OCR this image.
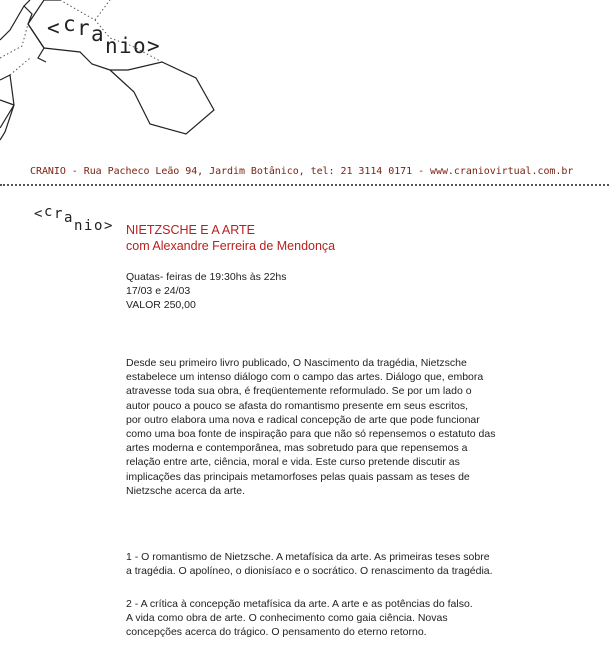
< c r a n i o >
CRANIO - Rua Pacheco Leão 94, Jardim Botânico, tel: 21 3114 0171 - www.craniovirtual.com.br
< c r a n i o > NIETZSCHE E A ARTE
com Alexandre Ferreira de Mendonça
Quatas- feiras de 19:30hs às 22hs
17/03 e 24/03
VALOR 250,00
Desde seu primeiro livro publicado, O Nascimento da tragédia, Nietzsche
estabelece um intenso diálogo com o campo das artes. Diálogo que, embora
atravesse toda sua obra, é freqüentemente reformulado. Se por um lado o
autor pouco a pouco se afasta do romantismo presente em seus escritos,
por outro elabora uma nova e radical concepção de arte que pode funcionar
como uma boa fonte de inspiração para que não só repensemos o estatuto das
artes moderna e contemporânea, mas sobretudo para que repensemos a
relação entre arte, ciência, moral e vida. Este curso pretende discutir as
implicações das principais metamorfoses pelas quais passam as teses de
Nietzsche acerca da arte.
1 - O romantismo de Nietzsche. A metafísica da arte. As primeiras teses sobre
a tragédia. O apolíneo, o dionisíaco e o socrático. O renascimento da tragédia.
2 - A crítica à concepção metafísica da arte. A arte e as potências do falso.
A vida como obra de arte. O conhecimento como gaia ciência. Novas
concepções acerca do trágico. O pensamento do eterno retorno.
